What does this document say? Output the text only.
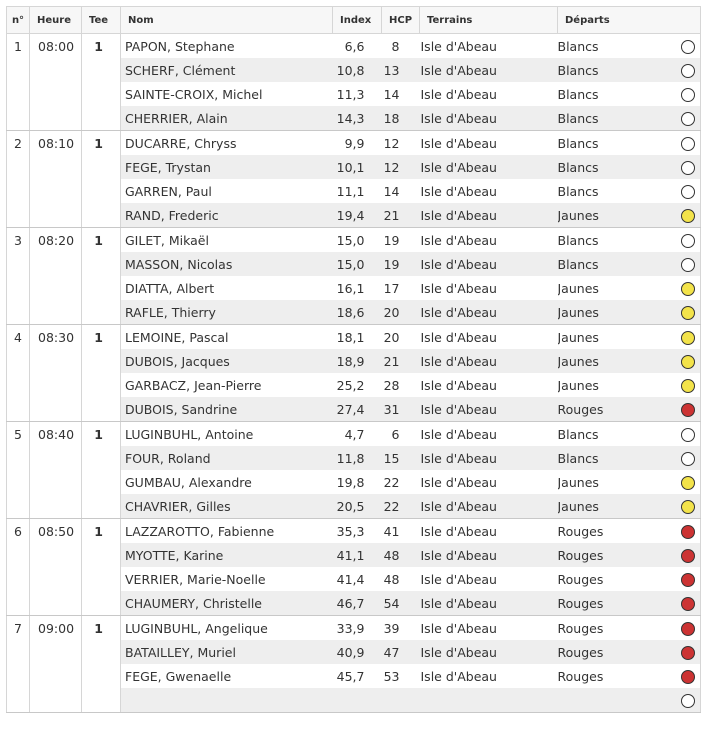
n°	Heure	Tee	Nom	Index	HCP	Terrains	Départs	
1	08:00	1	PAPON, Stephane	6,6	8	Isle d'Abeau	Blancs	
			SCHERF, Clément	10,8	13	Isle d'Abeau	Blancs	
			SAINTE-CROIX, Michel	11,3	14	Isle d'Abeau	Blancs	
			CHERRIER, Alain	14,3	18	Isle d'Abeau	Blancs	
2	08:10	1	DUCARRE, Chryss	9,9	12	Isle d'Abeau	Blancs	
			FEGE, Trystan	10,1	12	Isle d'Abeau	Blancs	
			GARREN, Paul	11,1	14	Isle d'Abeau	Blancs	
			RAND, Frederic	19,4	21	Isle d'Abeau	Jaunes	
3	08:20	1	GILET, Mikaël	15,0	19	Isle d'Abeau	Blancs	
			MASSON, Nicolas	15,0	19	Isle d'Abeau	Blancs	
			DIATTA, Albert	16,1	17	Isle d'Abeau	Jaunes	
			RAFLE, Thierry	18,6	20	Isle d'Abeau	Jaunes	
4	08:30	1	LEMOINE, Pascal	18,1	20	Isle d'Abeau	Jaunes	
			DUBOIS, Jacques	18,9	21	Isle d'Abeau	Jaunes	
			GARBACZ, Jean-Pierre	25,2	28	Isle d'Abeau	Jaunes	
			DUBOIS, Sandrine	27,4	31	Isle d'Abeau	Rouges	
5	08:40	1	LUGINBUHL, Antoine	4,7	6	Isle d'Abeau	Blancs	
			FOUR, Roland	11,8	15	Isle d'Abeau	Blancs	
			GUMBAU, Alexandre	19,8	22	Isle d'Abeau	Jaunes	
			CHAVRIER, Gilles	20,5	22	Isle d'Abeau	Jaunes	
6	08:50	1	LAZZAROTTO, Fabienne	35,3	41	Isle d'Abeau	Rouges	
			MYOTTE, Karine	41,1	48	Isle d'Abeau	Rouges	
			VERRIER, Marie-Noelle	41,4	48	Isle d'Abeau	Rouges	
			CHAUMERY, Christelle	46,7	54	Isle d'Abeau	Rouges	
7	09:00	1	LUGINBUHL, Angelique	33,9	39	Isle d'Abeau	Rouges	
			BATAILLEY, Muriel	40,9	47	Isle d'Abeau	Rouges	
			FEGE, Gwenaelle	45,7	53	Isle d'Abeau	Rouges	
